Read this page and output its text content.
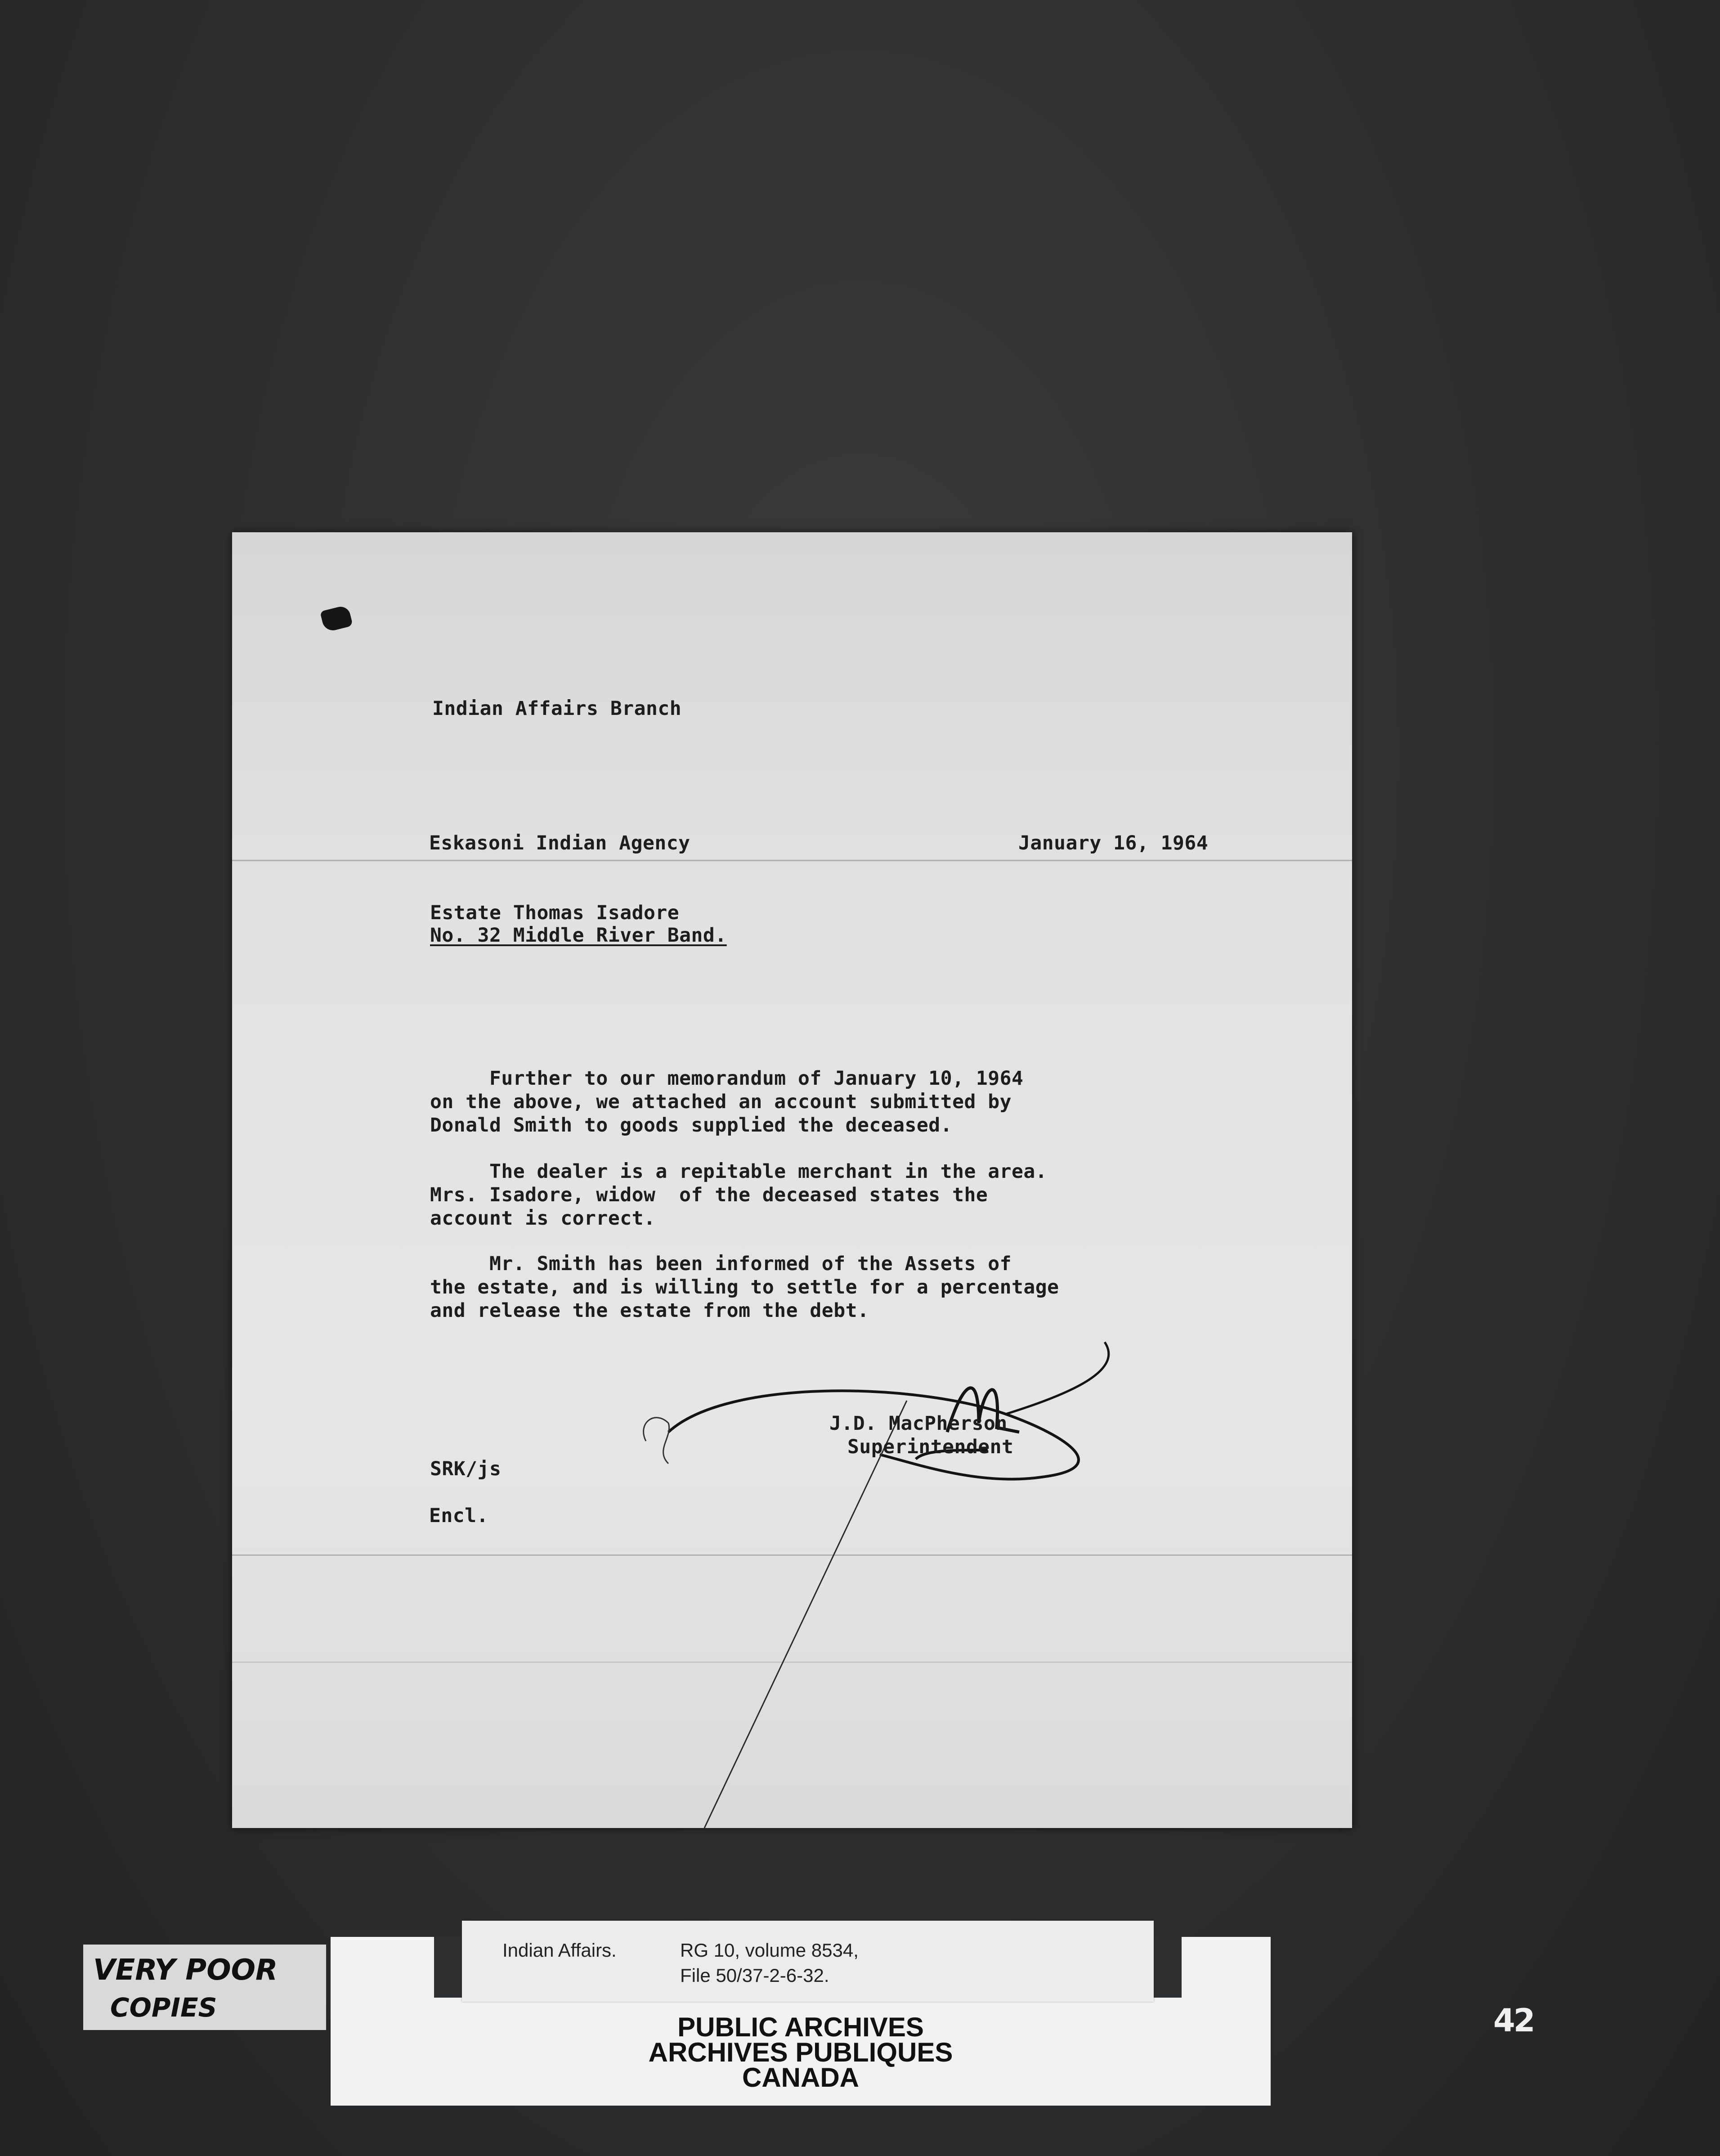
Indian Affairs Branch
Eskasoni Indian Agency	January 16, 1964
Estate Thomas Isadore
No. 32 Middle River Band.
Further to our memorandum of January 10, 1964
on the above, we attached an account submitted by
Donald Smith to goods supplied the deceased.
The dealer is a repitable merchant in the area.
Mrs. Isadore, widow  of the deceased states the
account is correct.
Mr. Smith has been informed of the Assets of
the estate, and is willing to settle for a percentage
and release the estate from the debt.
J.D. MacPherson
Superintendent
SRK/js
Encl.
VERY POOR
COPIES
Indian Affairs.	RG 10, volume 8534,
File 50/37-2-6-32.
PUBLIC ARCHIVES
ARCHIVES PUBLIQUES
CANADA
42
